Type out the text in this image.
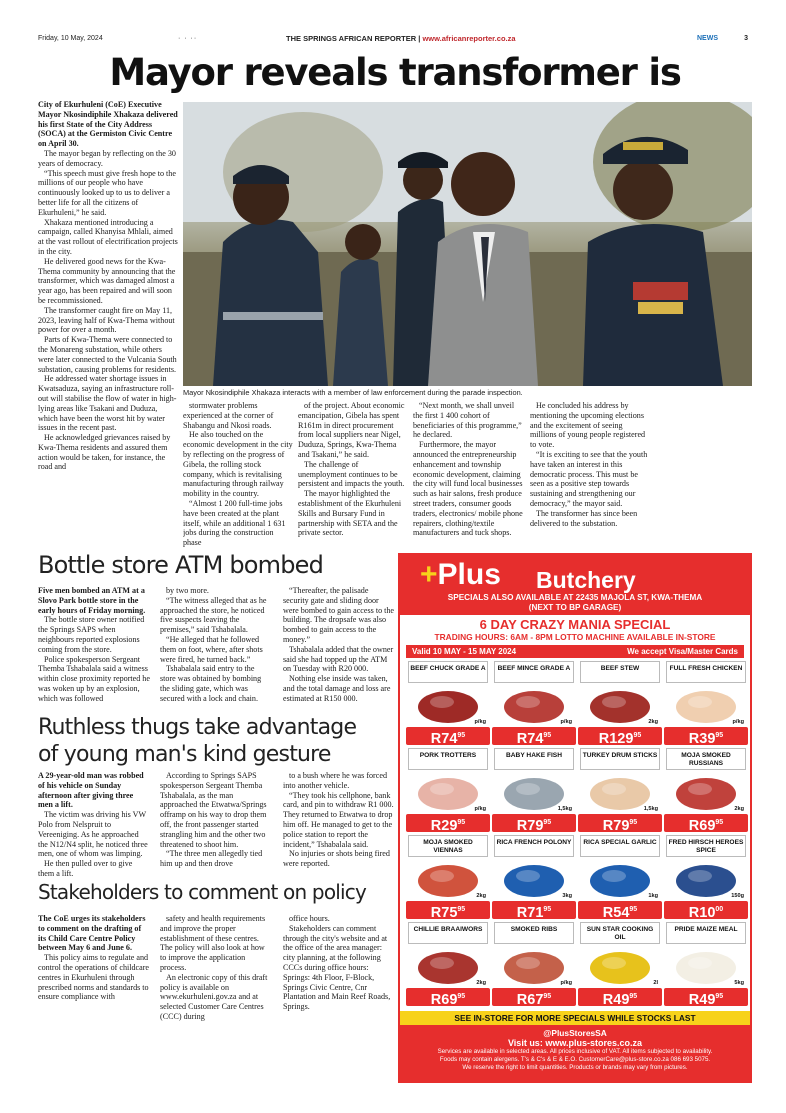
Friday, 10 May, 2024	· · ··	THE SPRINGS AFRICAN REPORTER | www.africanreporter.co.za	NEWS	3
Mayor reveals transformer is

City of Ekurhuleni (CoE) Executive Mayor Nkosindiphile Xhakaza delivered his first State of the City Address (SOCA) at the Germiston Civic Centre on April 30.

The mayor began by reflecting on the 30 years of democracy.

“This speech must give fresh hope to the millions of our people who have continuously looked up to us to deliver a better life for all the citizens of Ekurhuleni,” he said.

Xhakaza mentioned introducing a campaign, called Khanyisa Mhlali, aimed at the vast rollout of electrification projects in the city.

He delivered good news for the Kwa-Thema community by announcing that the transformer, which was damaged almost a year ago, has been repaired and will soon be recommissioned.

The transformer caught fire on May 11, 2023, leaving half of Kwa-Thema without power for over a month.

Parts of Kwa-Thema were connected to the Monareng substation, while others were later connected to the Vulcania South substation, causing problems for residents.

He addressed water shortage issues in Kwatsaduza, saying an infrastructure roll-out will stabilise the flow of water in high-lying areas like Tsakani and Duduza, which have been the worst hit by water issues in the recent past.

He acknowledged grievances raised by Kwa-Thema residents and assured them action would be taken, for instance, the road and

Mayor Nkosindiphile Xhakaza interacts with a member of law enforcement during the parade inspection.

stormwater problems experienced at the corner of Shabangu and Nkosi roads.

He also touched on the economic development in the city by reflecting on the progress of Gibela, the rolling stock company, which is revitalising manufacturing through railway mobility in the country.

“Almost 1 200 full-time jobs have been created at the plant itself, while an additional 1 631 jobs during the construction phase

of the project. About economic emancipation, Gibela has spent R161m in direct procurement from local suppliers near Nigel, Duduza, Springs, Kwa-Thema and Tsakani,” he said.

The challenge of unemployment continues to be persistent and impacts the youth.

The mayor highlighted the establishment of the Ekurhuleni Skills and Bursary Fund in partnership with SETA and the private sector.

“Next month, we shall unveil the first 1 400 cohort of beneficiaries of this programme,” he declared.

Furthermore, the mayor announced the entrepreneurship enhancement and township economic development, claiming the city will fund local businesses such as hair salons, fresh produce street traders, consumer goods traders, electronics/ mobile phone repairers, clothing/textile manufacturers and tuck shops.

He concluded his address by mentioning the upcoming elections and the excitement of seeing millions of young people registered to vote.

“It is exciting to see that the youth have taken an interest in this democratic process. This must be seen as a positive step towards sustaining and strengthening our democracy,” the mayor said.

The transformer has since been delivered to the substation.

Bottle store ATM bombed

Five men bombed an ATM at a Slovo Park bottle store in the early hours of Friday morning.

The bottle store owner notified the Springs SAPS when neighbours reported explosions coming from the store.

Police spokesperson Sergeant Themba Tshabalala said a witness within close proximity reported he was woken up by an explosion, which was followed

by two more.

“The witness alleged that as he approached the store, he noticed five suspects leaving the premises,” said Tshabalala.

“He alleged that he followed them on foot, where, after shots were fired, he turned back.”

Tshabalala said entry to the store was obtained by bombing the sliding gate, which was secured with a lock and chain.

“Thereafter, the palisade security gate and sliding door were bombed to gain access to the building. The dropsafe was also bombed to gain access to the money.”

Tshabalala added that the owner said she had topped up the ATM on Tuesday with R20 000.

Nothing else inside was taken, and the total damage and loss are estimated at R150 000.

Ruthless thugs take advantage
of young man's kind gesture

A 29-year-old man was robbed of his vehicle on Sunday afternoon after giving three men a lift.

The victim was driving his VW Polo from Nelspruit to Vereeniging. As he approached the N12/N4 split, he noticed three men, one of whom was limping.

He then pulled over to give them a lift.

According to Springs SAPS spokesperson Sergeant Themba Tshabalala, as the man approached the Etwatwa/Springs offramp on his way to drop them off, the front passenger started strangling him and the other two threatened to shoot him.

“The three men allegedly tied him up and then drove

to a bush where he was forced into another vehicle.

“They took his cellphone, bank card, and pin to withdraw R1 000. They returned to Etwatwa to drop him off. He managed to get to the police station to report the incident,” Tshabalala said.

No injuries or shots being fired were reported.

Stakeholders to comment on policy

The CoE urges its stakeholders to comment on the drafting of its Child Care Centre Policy between May 6 and June 6.

This policy aims to regulate and control the operations of childcare centres in Ekurhuleni through prescribed norms and standards to ensure compliance with

safety and health requirements and improve the proper establishment of these centres. The policy will also look at how to improve the application process.

An electronic copy of this draft policy is available on www.ekurhuleni.gov.za and at selected Customer Care Centres (CCC) during

office hours.

Stakeholders can comment through the city's website and at the office of the area manager: city planning, at the following CCCs during office hours: Springs: 4th Floor, F-Block, Springs Civic Centre, Cnr Plantation and Main Reef Roads, Springs.

+Plus Butchery
SPECIALS ALSO AVAILABLE AT 22435 MAJOLA ST, KWA-THEMA
(NEXT TO BP GARAGE)
6 DAY CRAZY MANIA SPECIAL
TRADING HOURS: 6AM - 8PM LOTTO MACHINE AVAILABLE IN-STORE
Valid 10 MAY - 15 MAY 2024	We accept Visa/Master Cards
BEEF CHUCK GRADE A
p/kg
$R74^{95}$
BEEF MINCE GRADE A
p/kg
$R74^{95}$
BEEF STEW
2kg
$R129^{95}$
FULL FRESH CHICKEN
p/kg
$R39^{95}$
PORK TROTTERS
p/kg
$R29^{95}$
BABY HAKE FISH
1,5kg
$R79^{95}$
TURKEY DRUM STICKS
1,5kg
$R79^{95}$
MOJA SMOKED RUSSIANS
2kg
$R69^{95}$
MOJA SMOKED VIENNAS
2kg
$R75^{95}$
RICA FRENCH POLONY
3kg
$R71^{95}$
RICA SPECIAL GARLIC
1kg
$R54^{95}$
FRED HIRSCH HEROES SPICE
150g
$R10^{00}$
CHILLIE BRAAIWORS
2kg
$R69^{95}$
SMOKED RIBS
p/kg
$R67^{95}$
SUN STAR COOKING OIL
2l
$R49^{95}$
PRIDE MAIZE MEAL
5kg
$R49^{95}$
SEE IN-STORE FOR MORE SPECIALS WHILE STOCKS LAST
@PlusStoresSA
Visit us: www.plus-stores.co.za
Services are available in selected areas. All prices inclusive of VAT. All items subjected to availability.
Foods may contain alergens. T's & C's & E & E.O. CustomerCare@plus-store.co.za 086 693 5075.
We reserve the right to limit quantities. Products or brands may vary from pictures.
